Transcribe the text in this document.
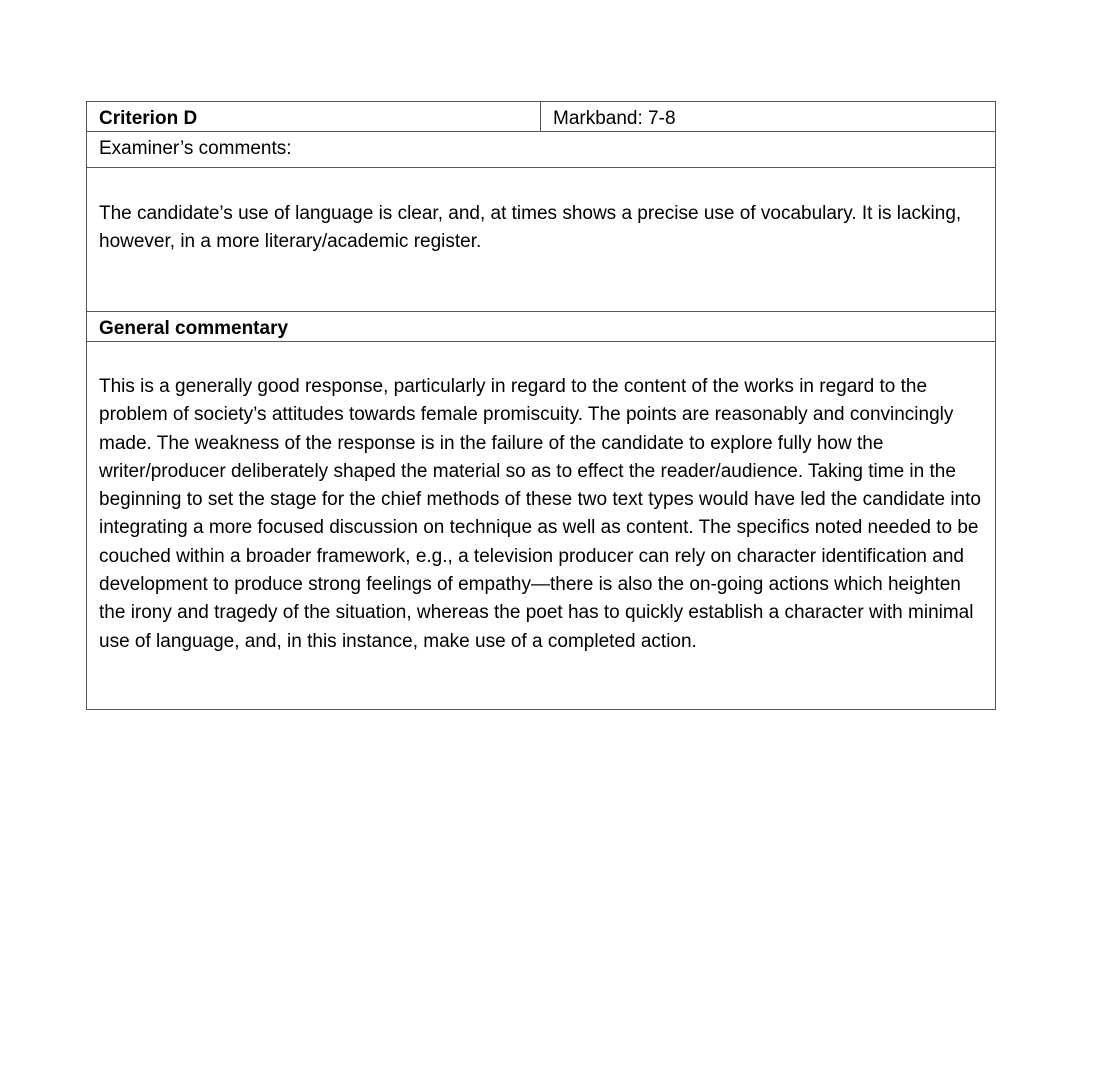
Criterion D	Markband: 7-8
Examiner’s comments:

The candidate’s use of language is clear, and, at times shows a precise use of vocabulary. It is lacking, however, in a more literary/academic register.

General commentary

This is a generally good response, particularly in regard to the content of the works in regard to the problem of society’s attitudes towards female promiscuity. The points are reasonably and convincingly made. The weakness of the response is in the failure of the candidate to explore fully how the writer/producer deliberately shaped the material so as to effect the reader/audience. Taking time in the beginning to set the stage for the chief methods of these two text types would have led the candidate into integrating a more focused discussion on technique as well as content. The specifics noted needed to be couched within a broader framework, e.g., a television producer can rely on character identification and development to produce strong feelings of empathy—there is also the on-going actions which heighten the irony and tragedy of the situation, whereas the poet has to quickly establish a character with minimal use of language, and, in this instance, make use of a completed action.
